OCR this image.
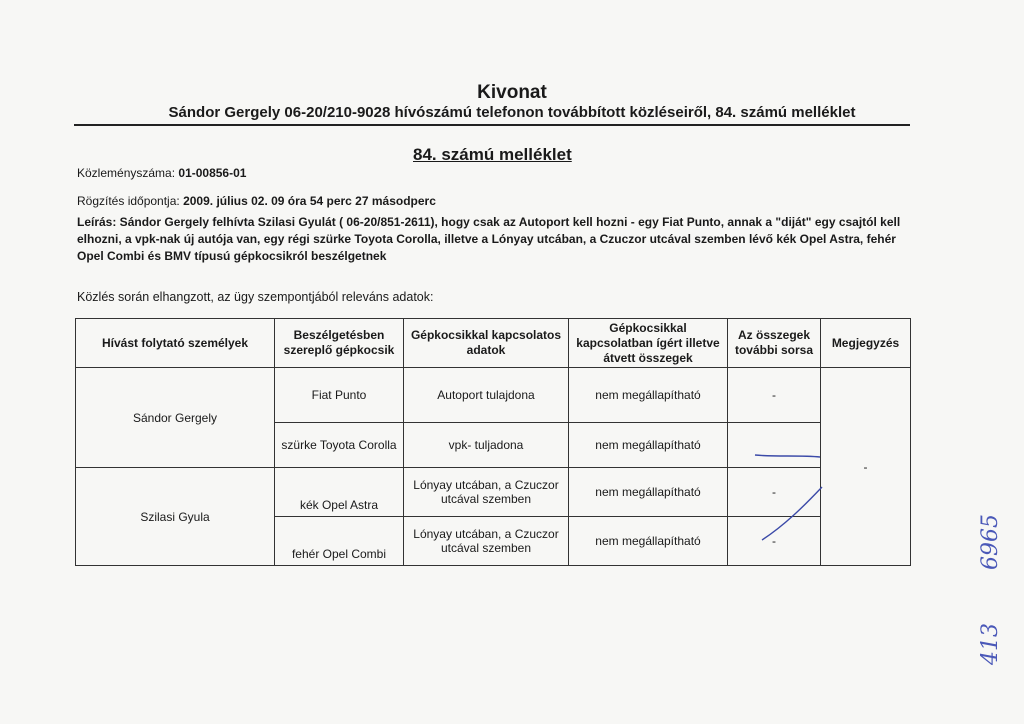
Kivonat
Sándor Gergely 06-20/210-9028 hívószámú telefonon továbbított közléseiről, 84. számú melléklet
84. számú melléklet
Közleményszáma: 01-00856-01
Rögzítés időpontja: 2009. július 02. 09 óra 54 perc 27 másodperc
Leírás: Sándor Gergely felhívta Szilasi Gyulát ( 06-20/851-2611), hogy csak az Autoport kell hozni - egy Fiat Punto, annak a "diját" egy csajtól kell elhozni, a vpk-nak új autója van, egy régi szürke Toyota Corolla, illetve a Lónyay utcában, a Czuczor utcával szemben lévő kék Opel Astra, fehér Opel Combi és BMV típusú gépkocsikról beszélgetnek
Közlés során elhangzott, az ügy szempontjából releváns adatok:
Hívást folytató személyek	Beszélgetésben szereplő gépkocsik	Gépkocsikkal kapcsolatos adatok	Gépkocsikkal kapcsolatban ígért illetve átvett összegek	Az összegek további sorsa	Megjegyzés
Sándor Gergely	Fiat Punto	Autoport tulajdona	nem megállapítható	-	-
	szürke Toyota Corolla	vpk- tuljadona	nem megállapítható		
Szilasi Gyula	kék Opel Astra	Lónyay utcában, a Czuczor utcával szemben	nem megállapítható	-	
	fehér Opel Combi	Lónyay utcában, a Czuczor utcával szemben	nem megállapítható	-		6965
413
